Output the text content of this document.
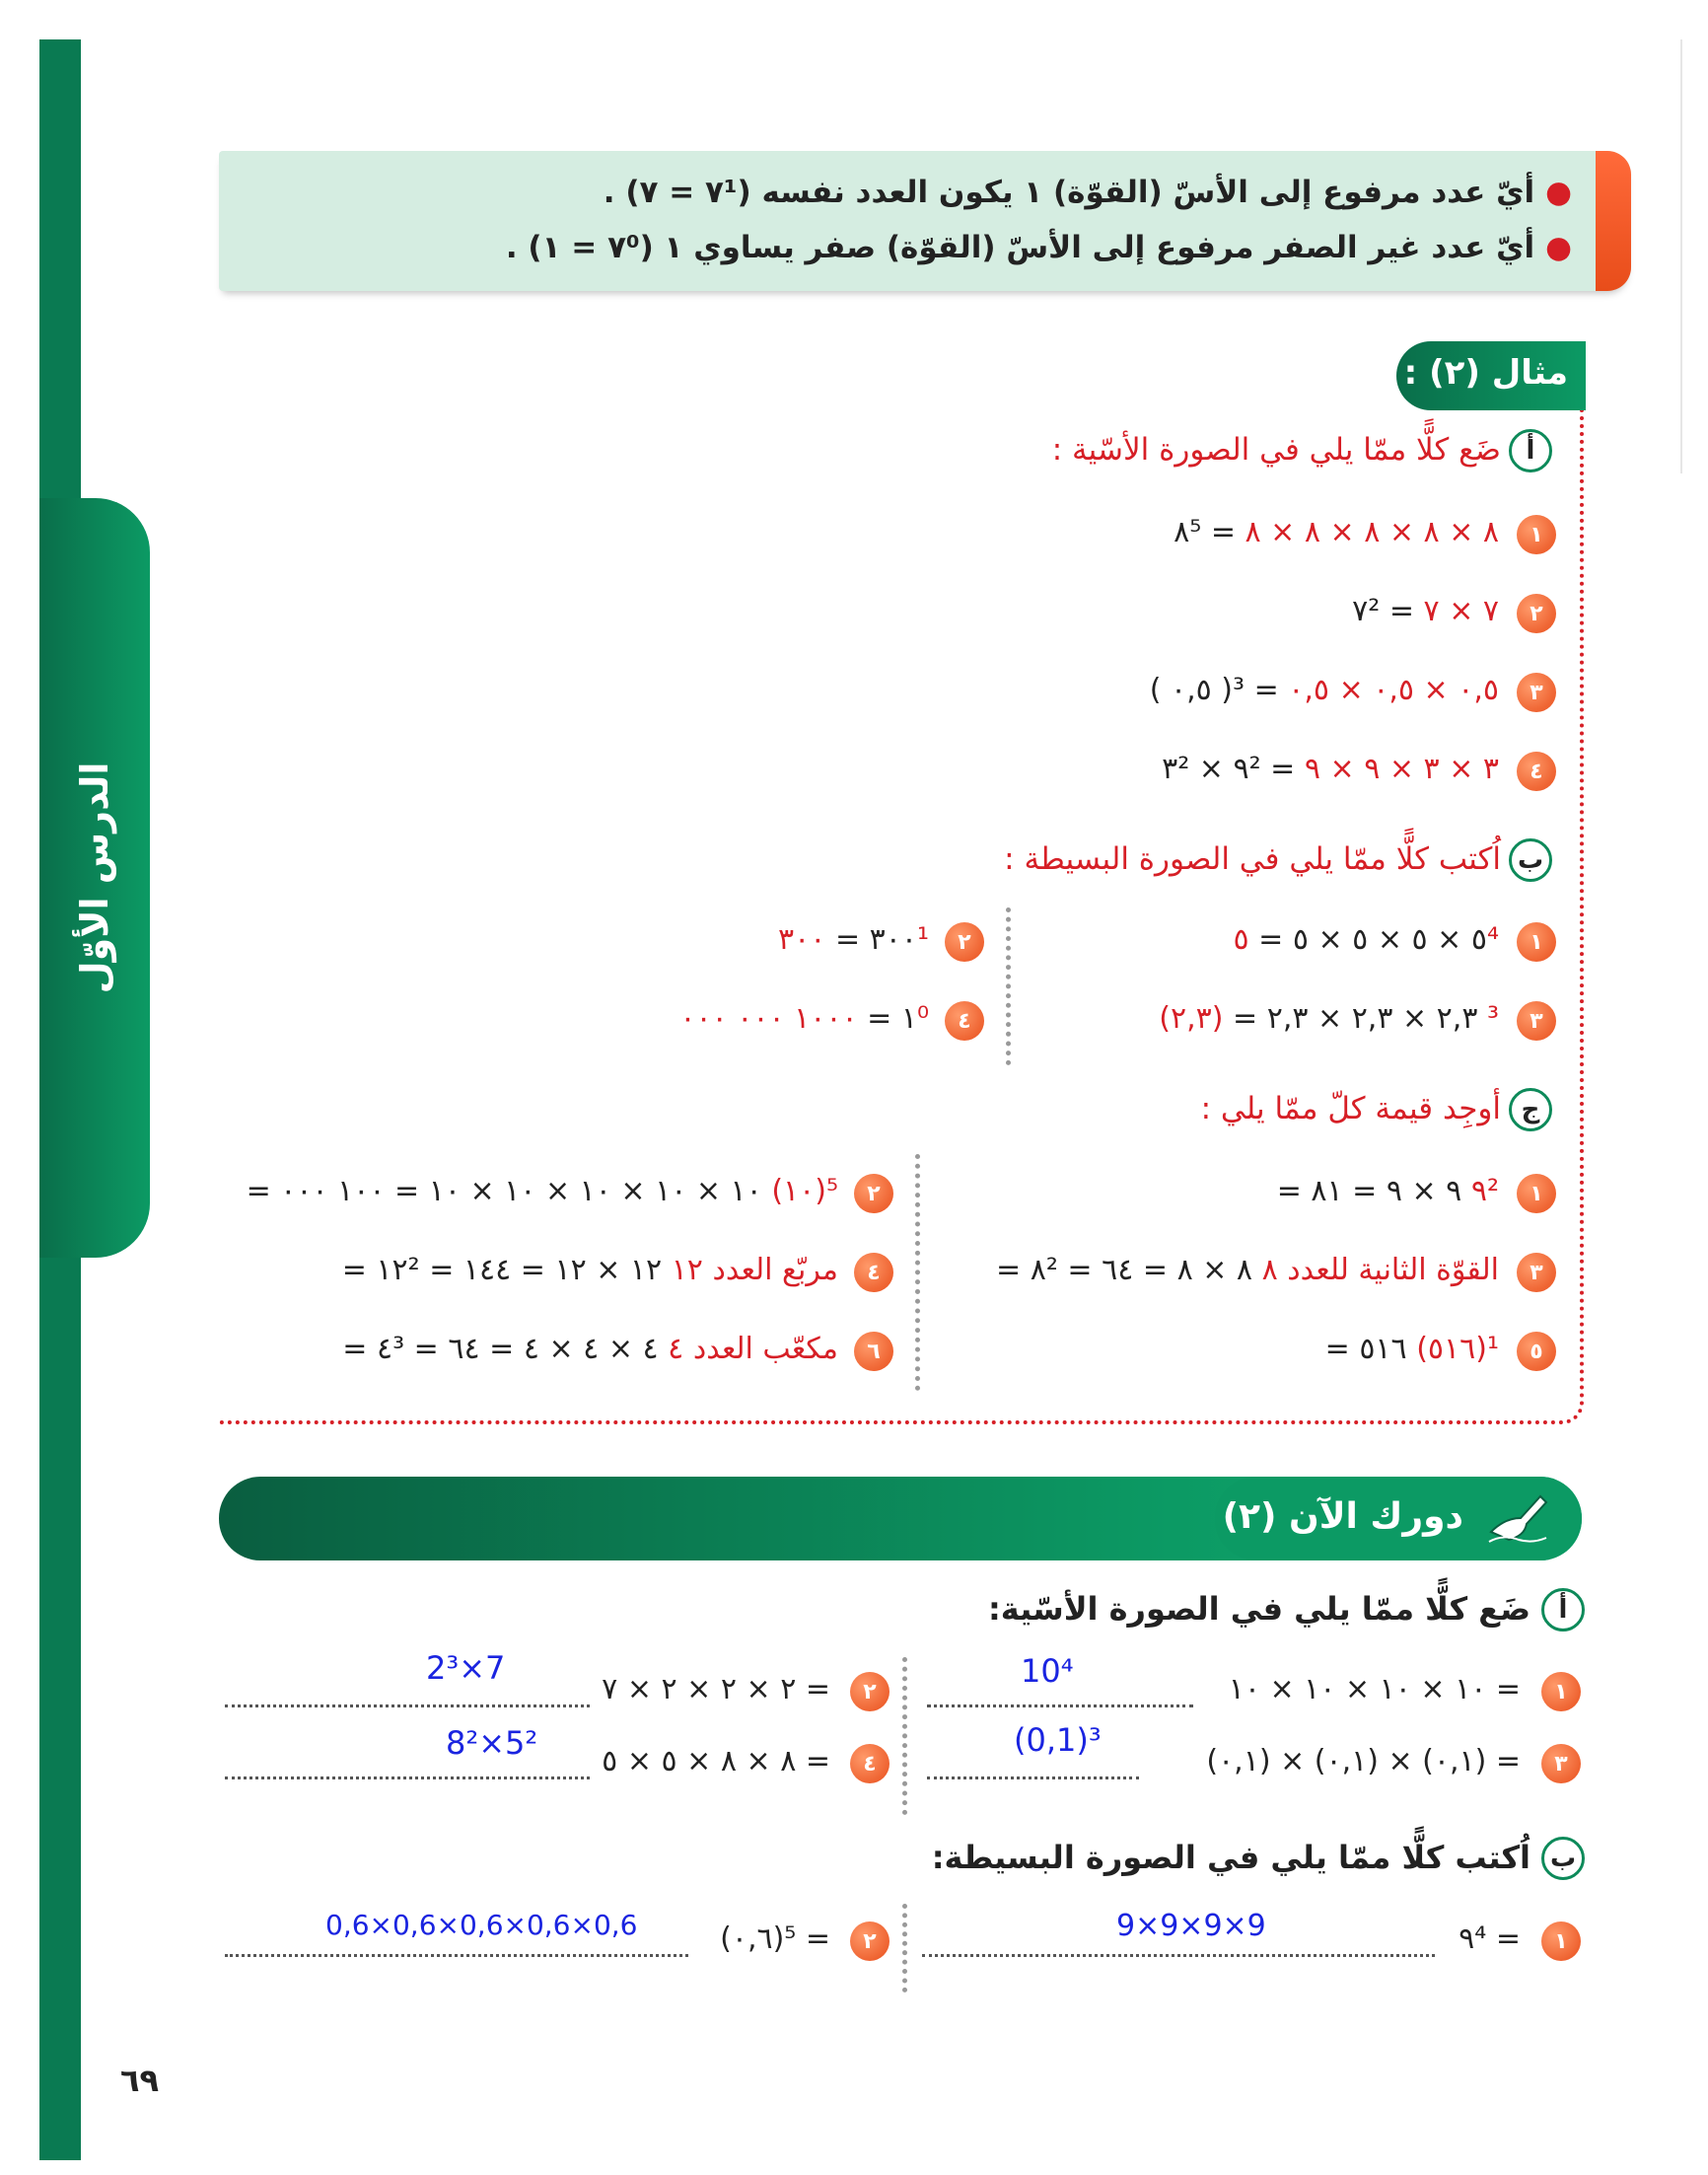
الدرس الأوّل
● أيّ عدد مرفوع إلى الأسّ (القوّة) ١ يكون العدد نفسه (٧¹ = ٧) .
● أيّ عدد غير الصفر مرفوع إلى الأسّ (القوّة) صفر يساوي ١ (٧⁰ = ١) .
مثال (٢) :
أ
ضَع كلًّا ممّا يلي في الصورة الأسّية :
١
٨⁵ = ٨ × ٨ × ٨ × ٨ × ٨
٢
٧² = ٧ × ٧
٣
( ٠,٥ )³ = ٠,٥ × ٠,٥ × ٠,٥
٤
٣² × ٩² = ٣ × ٣ × ٩ × ٩
ب
اُكتب كلًّا ممّا يلي في الصورة البسيطة :
١
٥ × ٥ × ٥ × ٥ = ٥⁴
٢
٣٠٠ = ٣٠٠¹
٣
٢,٣ × ٢,٣ × ٢,٣ = (٢,٣) ³
٤
١ = ١٠٠٠ ٠٠٠ ٠٠٠⁰
ج
أوجِد قيمة كلّ ممّا يلي :
١
٩² = ٩ × ٩ = ٨١
٢
(١٠)⁵ = ١٠ × ١٠ × ١٠ × ١٠ × ١٠ = ١٠٠ ٠٠٠
٣
القوّة الثانية للعدد ٨ = ٨² = ٨ × ٨ = ٦٤
٤
مربّع العدد ١٢ = ١٢² = ١٢ × ١٢ = ١٤٤
٥
(٥١٦)¹ = ٥١٦
٦
مكعّب العدد ٤ = ٤³ = ٤ × ٤ × ٤ = ٦٤
دورك الآن (٢)
أ
ضَع كلًّا ممّا يلي في الصورة الأسّية:
١
١٠ × ١٠ × ١٠ × ١٠ =
10⁴
٢
٢ × ٢ × ٢ × ٧ =
2³×7
٣
(٠,١) × (٠,١) × (٠,١) =
(0,1)³
٤
٨ × ٨ × ٥ × ٥ =
8²×5²
ب
اُكتب كلًّا ممّا يلي في الصورة البسيطة:
١
٩⁴ =
9×9×9×9
٢
(٠,٦)⁵ =
0,6×0,6×0,6×0,6×0,6
٦٩
